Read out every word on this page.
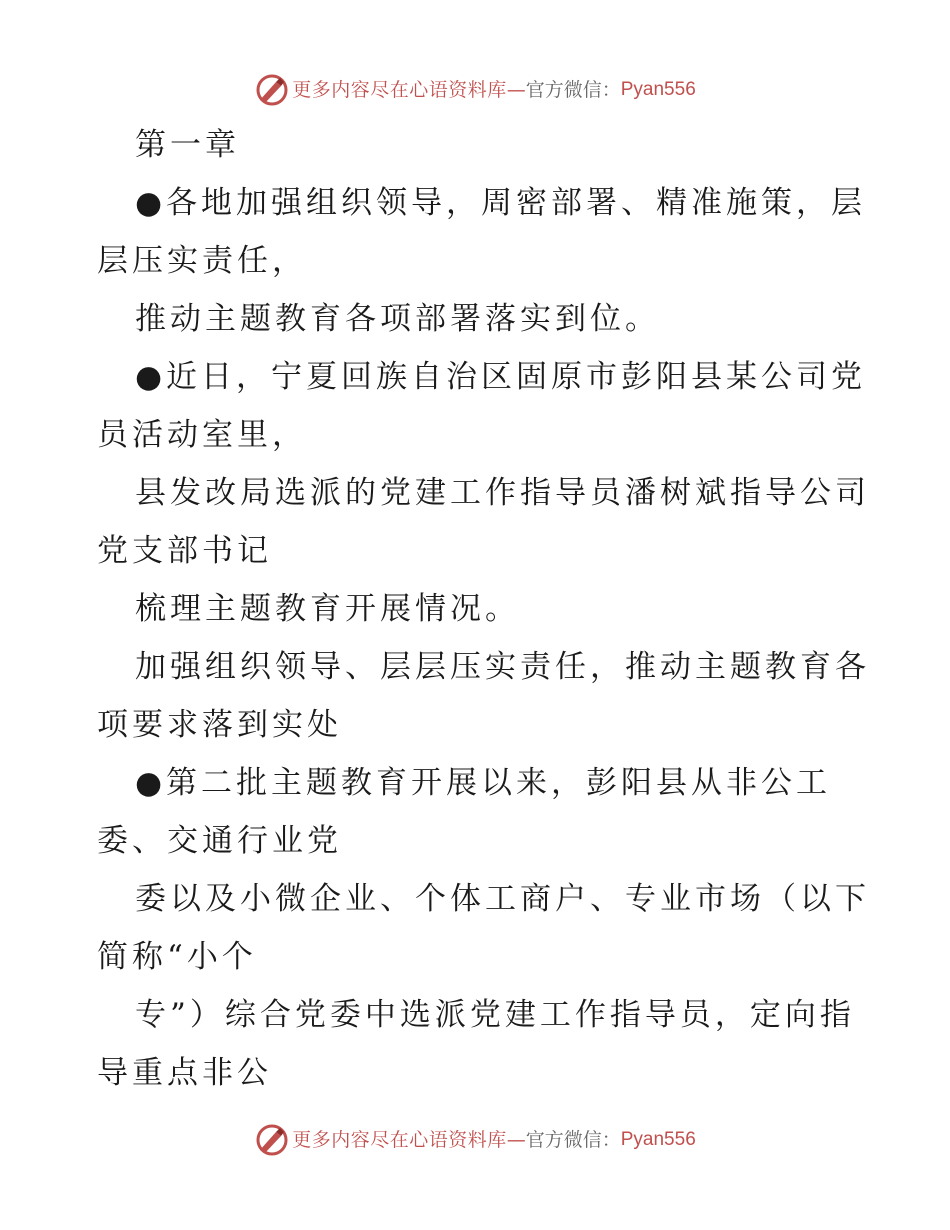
更多内容尽在心语资料库 — 官方微信： Pyan556

第一章

●各地加强组织领导，周密部署、精准施策，层

层压实责任，

推动主题教育各项部署落实到位。

●近日，宁夏回族自治区固原市彭阳县某公司党

员活动室里，

县发改局选派的党建工作指导员潘树斌指导公司

党支部书记

梳理主题教育开展情况。

加强组织领导、层层压实责任，推动主题教育各

项要求落到实处

●第二批主题教育开展以来，彭阳县从非公工

委、交通行业党

委以及小微企业、个体工商户、专业市场（以下

简称“小个

专”）综合党委中选派党建工作指导员，定向指

导重点非公

更多内容尽在心语资料库 — 官方微信： Pyan556
